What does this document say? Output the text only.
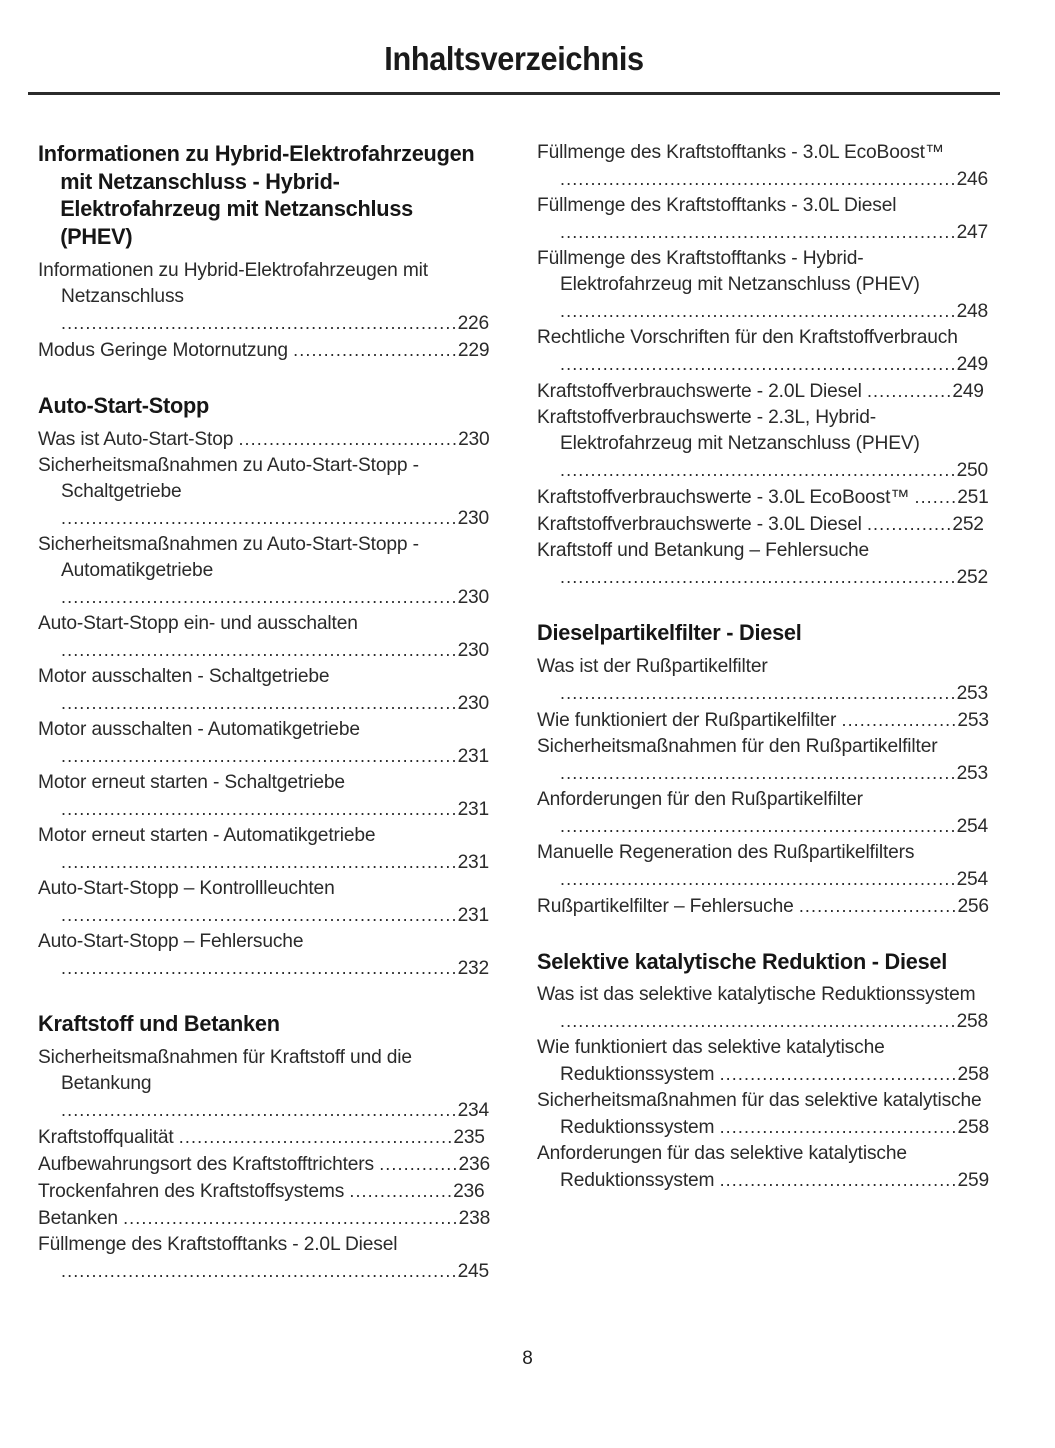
Inhaltsverzeichnis
Informationen zu Hybrid-Elektrofahrzeugen mit Netzanschluss - Hybrid-Elektrofahrzeug mit Netzanschluss (PHEV)
Informationen zu Hybrid-Elektrofahrzeugen mit Netzanschluss .................................................................226
Modus Geringe Motornutzung ...........................229
Auto-Start-Stopp
Was ist Auto-Start-Stop ....................................230
Sicherheitsmaßnahmen zu Auto-Start-Stopp - Schaltgetriebe .................................................................230
Sicherheitsmaßnahmen zu Auto-Start-Stopp - Automatikgetriebe .................................................................230
Auto-Start-Stopp ein- und ausschalten .................................................................230
Motor ausschalten - Schaltgetriebe .................................................................230
Motor ausschalten - Automatikgetriebe .................................................................231
Motor erneut starten - Schaltgetriebe .................................................................231
Motor erneut starten - Automatikgetriebe .................................................................231
Auto-Start-Stopp – Kontrollleuchten .................................................................231
Auto-Start-Stopp – Fehlersuche .................................................................232
Kraftstoff und Betanken
Sicherheitsmaßnahmen für Kraftstoff und die Betankung .................................................................234
Kraftstoffqualität .............................................235
Aufbewahrungsort des Kraftstofftrichters .............236
Trockenfahren des Kraftstoffsystems .................236
Betanken .......................................................238
Füllmenge des Kraftstofftanks - 2.0L Diesel .................................................................245
Füllmenge des Kraftstofftanks - 3.0L EcoBoost™ .................................................................246
Füllmenge des Kraftstofftanks - 3.0L Diesel .................................................................247
Füllmenge des Kraftstofftanks - Hybrid-Elektrofahrzeug mit Netzanschluss (PHEV) .................................................................248
Rechtliche Vorschriften für den Kraftstoffverbrauch .................................................................249
Kraftstoffverbrauchswerte - 2.0L Diesel ..............249
Kraftstoffverbrauchswerte - 2.3L, Hybrid-Elektrofahrzeug mit Netzanschluss (PHEV) .................................................................250
Kraftstoffverbrauchswerte - 3.0L EcoBoost™ .......251
Kraftstoffverbrauchswerte - 3.0L Diesel ..............252
Kraftstoff und Betankung – Fehlersuche .................................................................252
Dieselpartikelfilter - Diesel
Was ist der Rußpartikelfilter .................................................................253
Wie funktioniert der Rußpartikelfilter ...................253
Sicherheitsmaßnahmen für den Rußpartikelfilter .................................................................253
Anforderungen für den Rußpartikelfilter .................................................................254
Manuelle Regeneration des Rußpartikelfilters .................................................................254
Rußpartikelfilter – Fehlersuche ..........................256
Selektive katalytische Reduktion - Diesel
Was ist das selektive katalytische Reduktionssystem .................................................................258
Wie funktioniert das selektive katalytische Reduktionssystem .......................................258
Sicherheitsmaßnahmen für das selektive katalytische Reduktionssystem .......................................258
Anforderungen für das selektive katalytische Reduktionssystem .......................................259
8
